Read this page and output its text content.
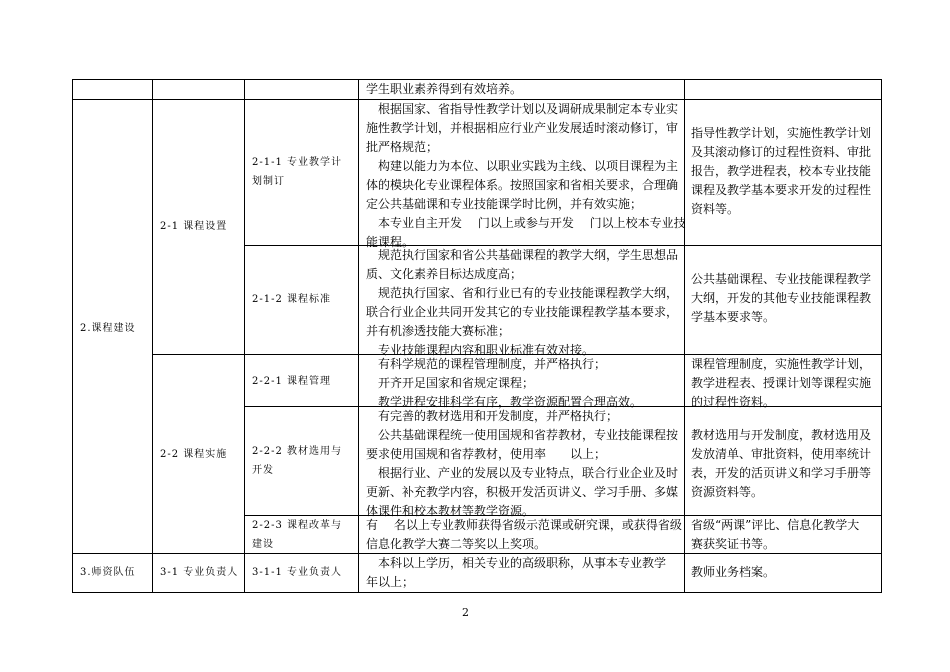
2.课程建设
2-1 课程设置
2-2 课程实施
3.师资队伍 3-1 专业负责人
学生职业素养得到有效培养。
2-1-1 专业教学计
划制订
　根据国家、省指导性教学计划以及调研成果制定本专业实
施性教学计划，并根据相应行业产业发展适时滚动修订，审
批严格规范；
　构建以能力为本位、以职业实践为主线、以项目课程为主
体的模块化专业课程体系。按照国家和省相关要求，合理确
定公共基础课和专业技能课学时比例，并有效实施；
　本专业自主开发　 门以上或参与开发　 门以上校本专业技
能课程。
指导性教学计划，实施性教学计划
及其滚动修订的过程性资料、审批
报告，教学进程表，校本专业技能
课程及教学基本要求开发的过程性
资料等。
2-1-2 课程标准
　规范执行国家和省公共基础课程的教学大纲，学生思想品
质、文化素养目标达成度高；
　规范执行国家、省和行业已有的专业技能课程教学大纲，
联合行业企业共同开发其它的专业技能课程教学基本要求，
并有机渗透技能大赛标准；
　专业技能课程内容和职业标准有效对接。
公共基础课程、专业技能课程教学
大纲，开发的其他专业技能课程教
学基本要求等。
2-2-1 课程管理
　有科学规范的课程管理制度，并严格执行；
　开齐开足国家和省规定课程；
　教学进程安排科学有序，教学资源配置合理高效。
课程管理制度，实施性教学计划，
教学进程表、授课计划等课程实施
的过程性资料。
2-2-2 教材选用与
开发
　有完善的教材选用和开发制度，并严格执行；
　公共基础课程统一使用国规和省荐教材，专业技能课程按
要求使用国规和省荐教材，使用率　　以上；
　根据行业、产业的发展以及专业特点，联合行业企业及时
更新、补充教学内容，积极开发活页讲义、学习手册、多媒
体课件和校本教材等教学资源。
教材选用与开发制度，教材选用及
发放清单、审批资料，使用率统计
表，开发的活页讲义和学习手册等
资源资料等。
2-2-3 课程改革与
建设
有　 名以上专业教师获得省级示范课或研究课，或获得省级
信息化教学大赛二等奖以上奖项。
省级“两课”评比、信息化教学大
赛获奖证书等。
3-1-1 专业负责人
　本科以上学历，相关专业的高级职称，从事本专业教学
年以上；
教师业务档案。
2
